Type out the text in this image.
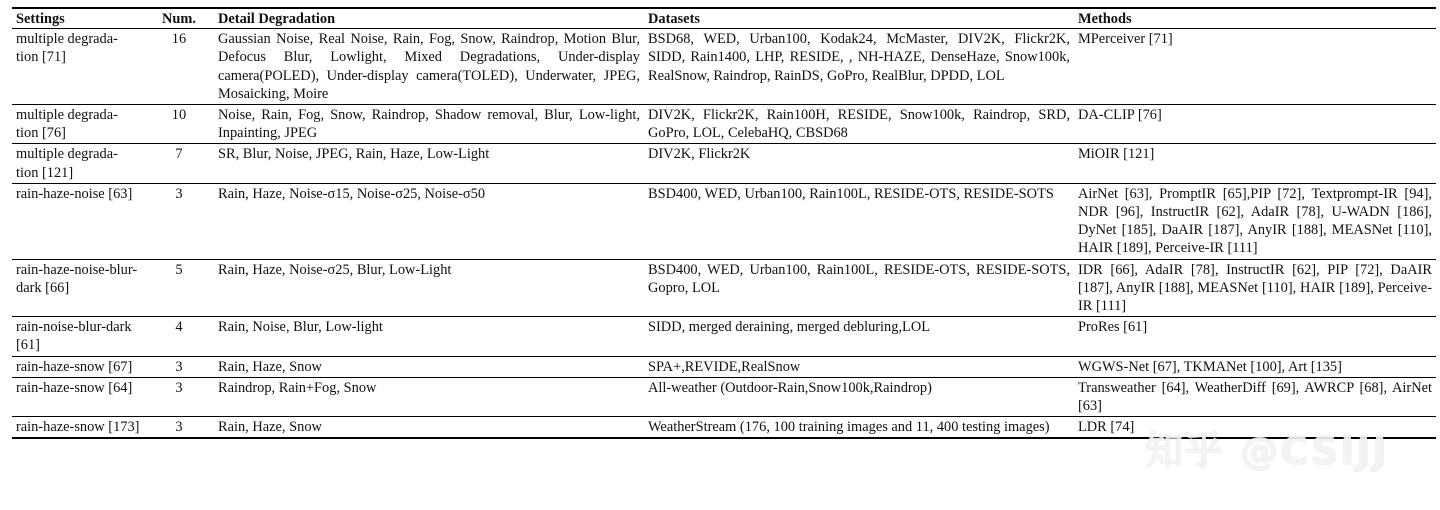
Settings	Num.	Detail Degradation	Datasets	Methods
multiple degrada-tion [71]	16	Gaussian Noise, Real Noise, Rain, Fog, Snow, Raindrop, Motion Blur, Defocus Blur, Lowlight, Mixed Degradations, Under-display camera(POLED), Under-display camera(TOLED), Underwater, JPEG, Mosaicking, Moire	BSD68, WED, Urban100, Kodak24, McMaster, DIV2K, Flickr2K, SIDD, Rain1400, LHP, RESIDE, , NH-HAZE, DenseHaze, Snow100k, RealSnow, Raindrop, RainDS, GoPro, RealBlur, DPDD, LOL	MPerceiver [71]
multiple degrada-tion [76]	10	Noise, Rain, Fog, Snow, Raindrop, Shadow removal, Blur, Low-light, Inpainting, JPEG	DIV2K, Flickr2K, Rain100H, RESIDE, Snow100k, Raindrop, SRD, GoPro, LOL, CelebaHQ, CBSD68	DA-CLIP [76]
multiple degrada-tion [121]	7	SR, Blur, Noise, JPEG, Rain, Haze, Low-Light	DIV2K, Flickr2K	MiOIR [121]
rain-haze-noise [63]	3	Rain, Haze, Noise-σ15, Noise-σ25, Noise-σ50	BSD400, WED, Urban100, Rain100L, RESIDE-OTS, RESIDE-SOTS	AirNet [63], PromptIR [65],PIP [72], Textprompt-IR [94], NDR [96], InstructIR [62], AdaIR [78], U-WADN [186], DyNet [185], DaAIR [187], AnyIR [188], MEASNet [110], HAIR [189], Perceive-IR [111]
rain-haze-noise-blur-dark [66]	5	Rain, Haze, Noise-σ25, Blur, Low-Light	BSD400, WED, Urban100, Rain100L, RESIDE-OTS, RESIDE-SOTS, Gopro, LOL	IDR [66], AdaIR [78], InstructIR [62], PIP [72], DaAIR [187], AnyIR [188], MEASNet [110], HAIR [189], Perceive-IR [111]
rain-noise-blur-dark [61]	4	Rain, Noise, Blur, Low-light	SIDD, merged deraining, merged debluring,LOL	ProRes [61]
rain-haze-snow [67]	3	Rain, Haze, Snow	SPA+,REVIDE,RealSnow	WGWS-Net [67], TKMANet [100], Art [135]
rain-haze-snow [64]	3	Raindrop, Rain+Fog, Snow	All-weather (Outdoor-Rain,Snow100k,Raindrop)	Transweather [64], WeatherDiff [69], AWRCP [68], AirNet [63]
rain-haze-snow [173]	3	Rain, Haze, Snow	WeatherStream (176, 100 training images and 11, 400 testing images)	LDR [74]
知乎 @CSIJJ
